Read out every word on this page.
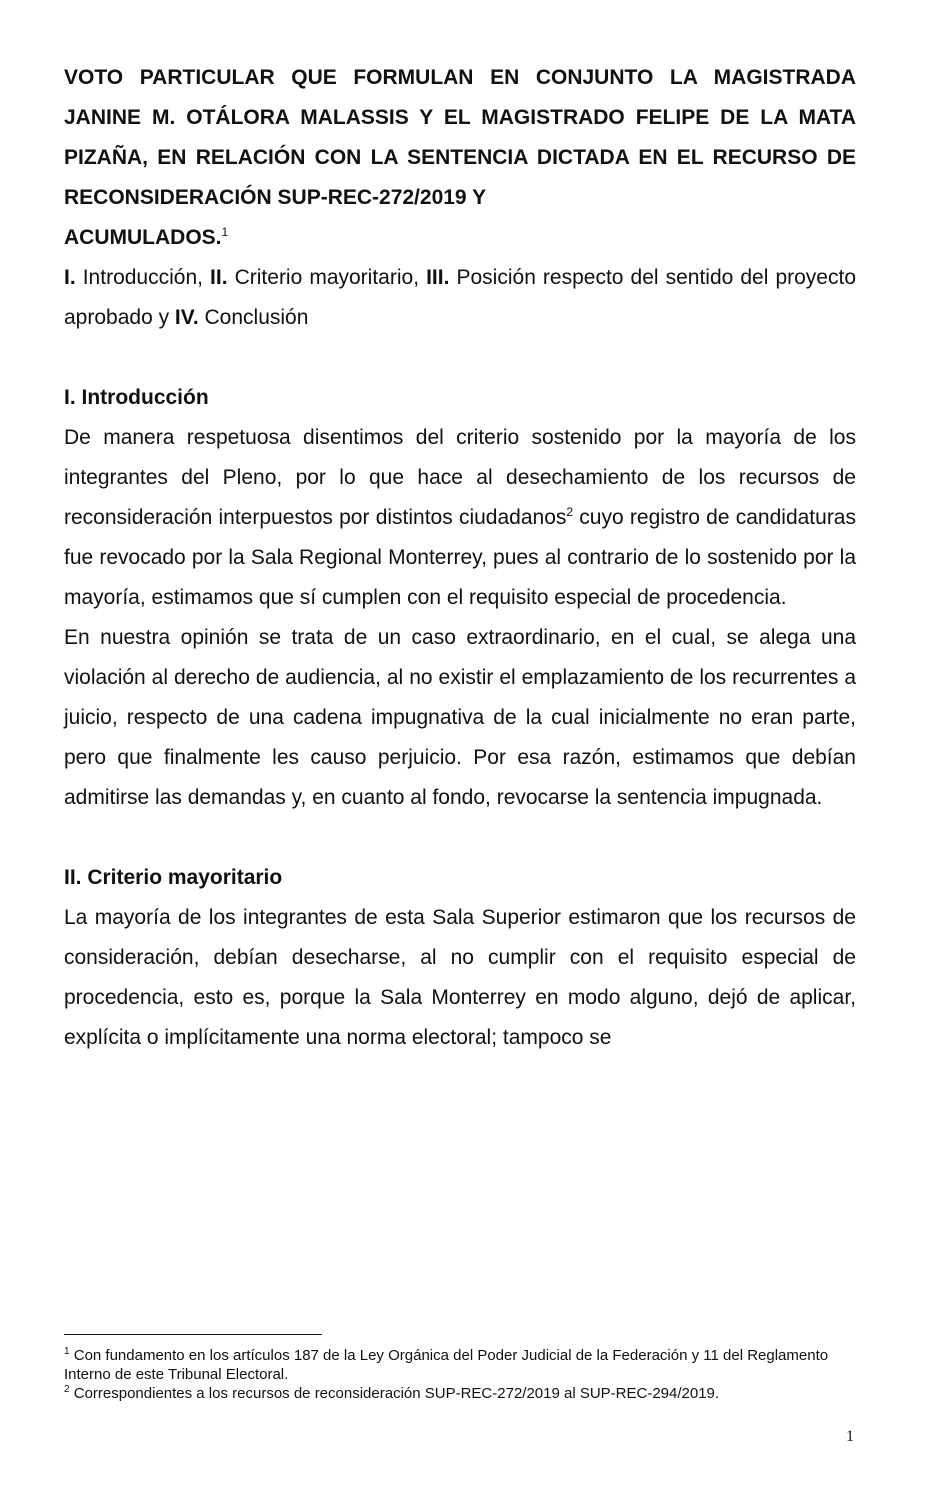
VOTO PARTICULAR QUE FORMULAN EN CONJUNTO LA MAGISTRADA JANINE M. OTÁLORA MALASSIS Y EL MAGISTRADO FELIPE DE LA MATA PIZAÑA, EN RELACIÓN CON LA SENTENCIA DICTADA EN EL RECURSO DE RECONSIDERACIÓN SUP-REC-272/2019 Y
ACUMULADOS.$^1$

I. Introducción, II. Criterio mayoritario, III. Posición respecto del sentido del proyecto aprobado y IV. Conclusión

I. Introducción

De manera respetuosa disentimos del criterio sostenido por la mayoría de los integrantes del Pleno, por lo que hace al desechamiento de los recursos de reconsideración interpuestos por distintos ciudadanos$^2$ cuyo registro de candidaturas fue revocado por la Sala Regional Monterrey, pues al contrario de lo sostenido por la mayoría, estimamos que sí cumplen con el requisito especial de procedencia.

En nuestra opinión se trata de un caso extraordinario, en el cual, se alega una violación al derecho de audiencia, al no existir el emplazamiento de los recurrentes a juicio, respecto de una cadena impugnativa de la cual inicialmente no eran parte, pero que finalmente les causo perjuicio. Por esa razón, estimamos que debían admitirse las demandas y, en cuanto al fondo, revocarse la sentencia impugnada.

II. Criterio mayoritario

La mayoría de los integrantes de esta Sala Superior estimaron que los recursos de consideración, debían desecharse, al no cumplir con el requisito especial de procedencia, esto es, porque la Sala Monterrey en modo alguno, dejó de aplicar, explícita o implícitamente una norma electoral; tampoco se

$^1$ Con fundamento en los artículos 187 de la Ley Orgánica del Poder Judicial de la Federación y 11 del Reglamento Interno de este Tribunal Electoral.

$^2$ Correspondientes a los recursos de reconsideración SUP-REC-272/2019 al SUP-REC-294/2019.

1
